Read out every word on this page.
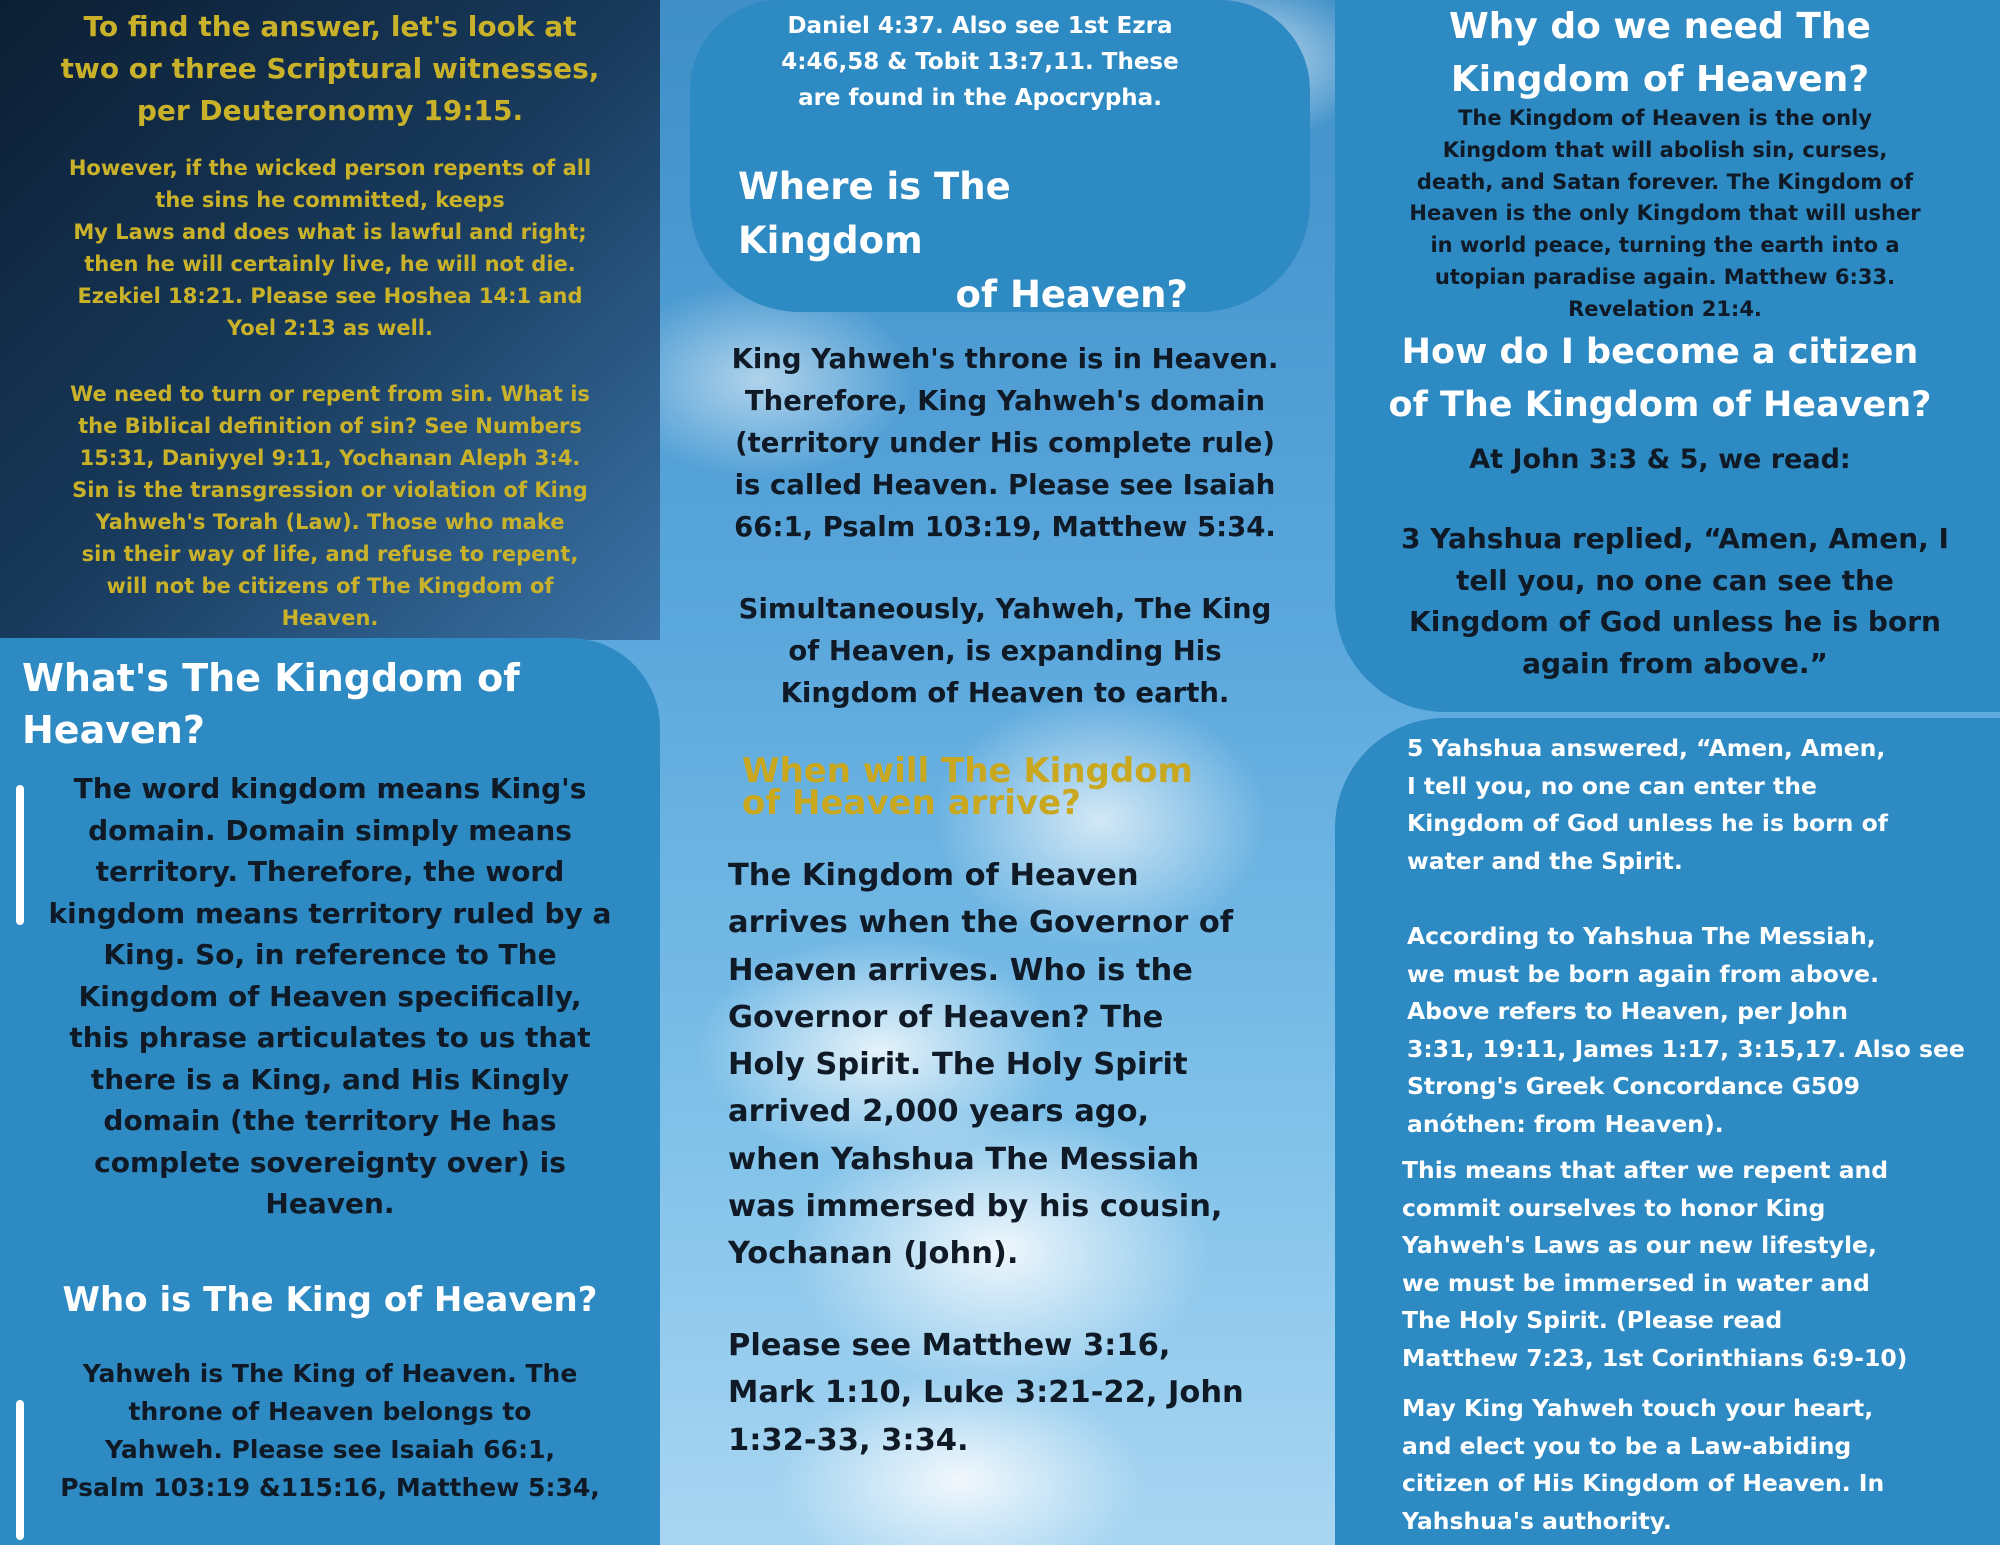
To find the answer, let's look at two or three Scriptural witnesses, per Deuteronomy 19:15.
However, if the wicked person repents of all
the sins he committed, keeps
My Laws and does what is lawful and right;
then he will certainly live, he will not die.
Ezekiel 18:21. Please see Hoshea 14:1 and
Yoel 2:13 as well.
We need to turn or repent from sin. What is
the Biblical definition of sin? See Numbers
15:31, Daniyyel 9:11, Yochanan Aleph 3:4.
Sin is the transgression or violation of King
Yahweh's Torah (Law). Those who make
sin their way of life, and refuse to repent,
will not be citizens of The Kingdom of
Heaven.
What's The Kingdom of
Heaven?
The word kingdom means King's
domain. Domain simply means
territory. Therefore, the word
kingdom means territory ruled by a
King. So, in reference to The
Kingdom of Heaven specifically,
this phrase articulates to us that
there is a King, and His Kingly
domain (the territory He has
complete sovereignty over) is
Heaven.
Who is The King of Heaven?
Yahweh is The King of Heaven. The
throne of Heaven belongs to
Yahweh. Please see Isaiah 66:1,
Psalm 103:19 &115:16, Matthew 5:34,
Daniel 4:37. Also see 1st Ezra
4:46,58 & Tobit 13:7,11. These
are found in the Apocrypha.
Where is The Kingdom
of Heaven?
King Yahweh's throne is in Heaven.
Therefore, King Yahweh's domain
(territory under His complete rule)
is called Heaven. Please see Isaiah
66:1, Psalm 103:19, Matthew 5:34.
Simultaneously, Yahweh, The King
of Heaven, is expanding His
Kingdom of Heaven to earth.
When will The Kingdom
of Heaven arrive?
The Kingdom of Heaven
arrives when the Governor of
Heaven arrives. Who is the
Governor of Heaven? The
Holy Spirit. The Holy Spirit
arrived 2,000 years ago,
when Yahshua The Messiah
was immersed by his cousin,
Yochanan (John).
Please see Matthew 3:16,
Mark 1:10, Luke 3:21-22, John
1:32-33, 3:34.
Why do we need The
Kingdom of Heaven?
The Kingdom of Heaven is the only
Kingdom that will abolish sin, curses,
death, and Satan forever. The Kingdom of
Heaven is the only Kingdom that will usher
in world peace, turning the earth into a
utopian paradise again. Matthew 6:33.
Revelation 21:4.
How do I become a citizen
of The Kingdom of Heaven?
At John 3:3 & 5, we read:
3 Yahshua replied, “Amen, Amen, I
tell you, no one can see the
Kingdom of God unless he is born
again from above.”
5 Yahshua answered, “Amen, Amen,
I tell you, no one can enter the
Kingdom of God unless he is born of
water and the Spirit.
According to Yahshua The Messiah,
we must be born again from above.
Above refers to Heaven, per John
3:31, 19:11, James 1:17, 3:15,17. Also see
Strong's Greek Concordance G509
anóthen: from Heaven).
This means that after we repent and
commit ourselves to honor King
Yahweh's Laws as our new lifestyle,
we must be immersed in water and
The Holy Spirit. (Please read
Matthew 7:23, 1st Corinthians 6:9-10)
May King Yahweh touch your heart,
and elect you to be a Law-abiding
citizen of His Kingdom of Heaven. In
Yahshua's authority.
